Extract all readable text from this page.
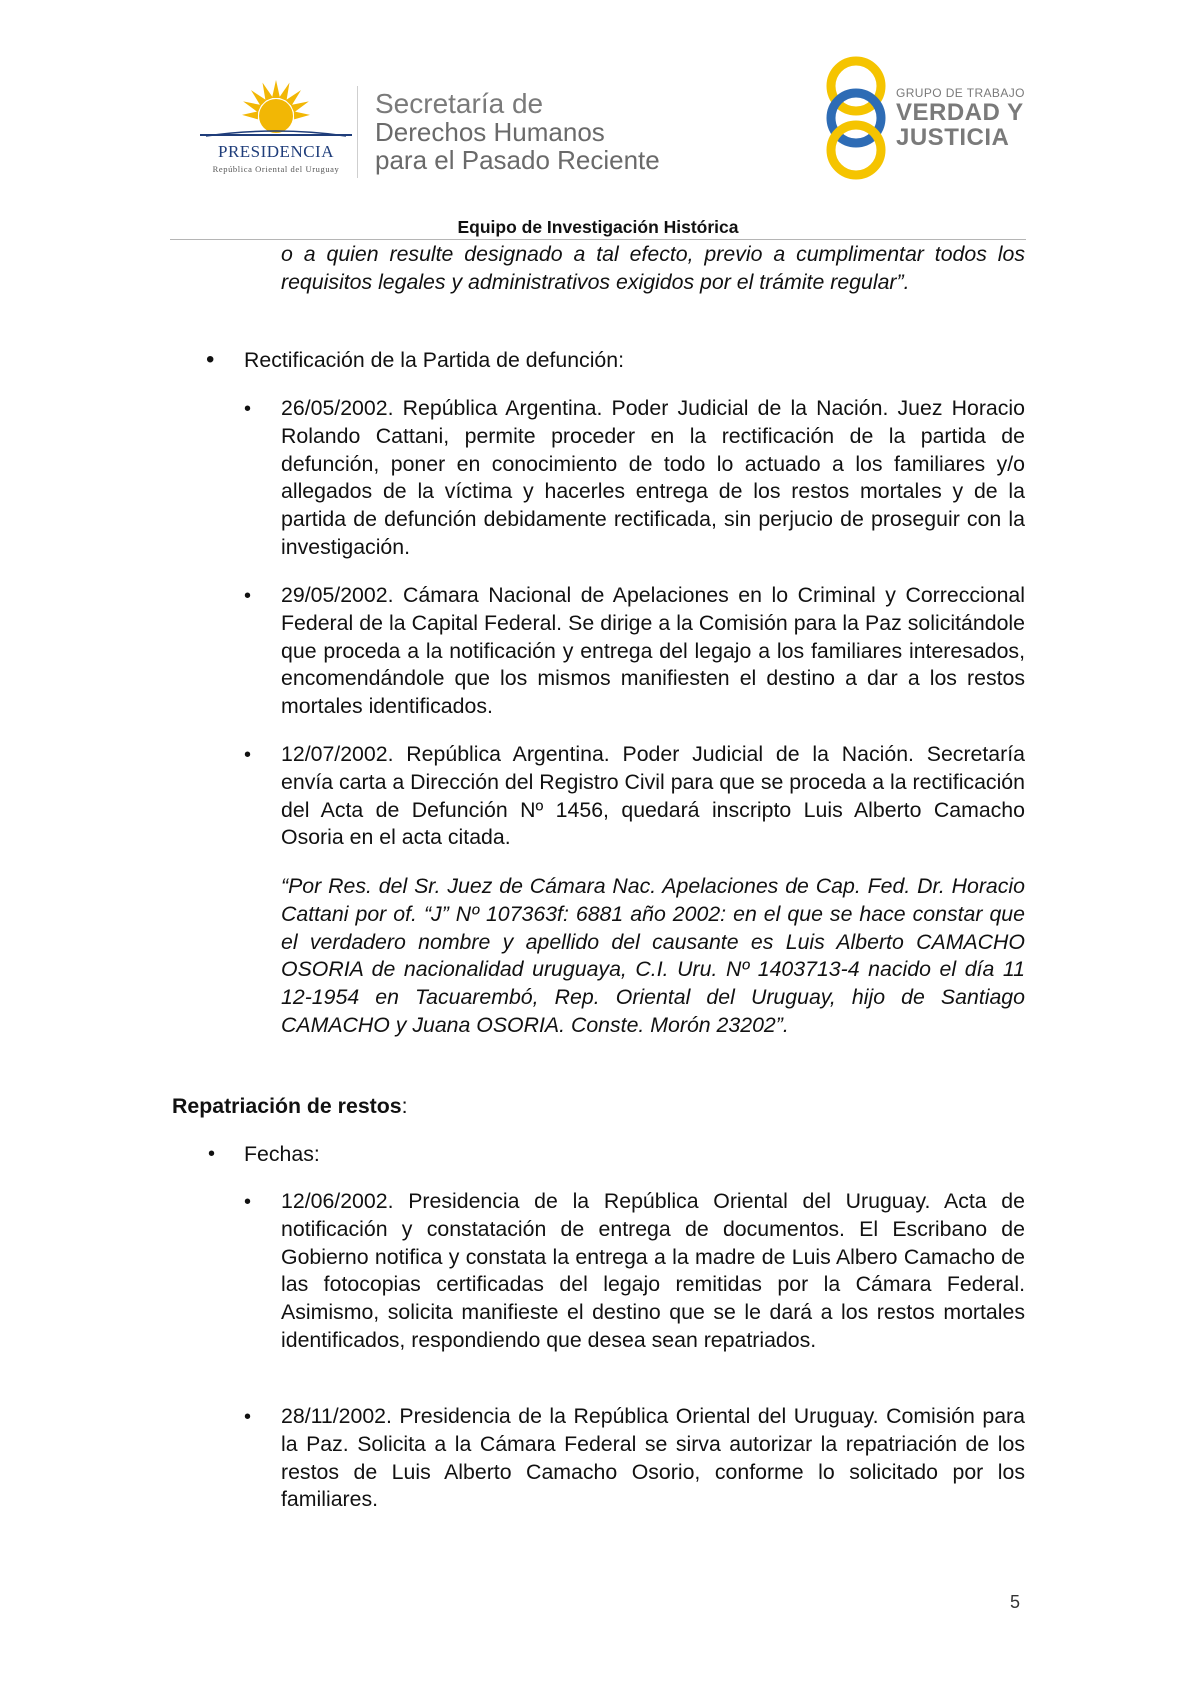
PRESIDENCIA
República Oriental del Uruguay
Secretaría de
Derechos Humanos
para el Pasado Reciente
GRUPO DE TRABAJO
VERDAD Y
JUSTICIA
Equipo de Investigación Histórica
o a quien resulte designado a tal efecto, previo a cumplimentar todos los requisitos legales y administrativos exigidos por el trámite regular”.
• Rectificación de la Partida de defunción:
• 26/05/2002. República Argentina. Poder Judicial de la Nación. Juez Horacio Rolando Cattani, permite proceder en la rectificación de la partida de defunción, poner en conocimiento de todo lo actuado a los familiares y/o allegados de la víctima y hacerles entrega de los restos mortales y de la partida de defunción debidamente rectificada, sin perjucio de proseguir con la investigación.
• 29/05/2002. Cámara Nacional de Apelaciones en lo Criminal y Correccional Federal de la Capital Federal. Se dirige a la Comisión para la Paz solicitándole que proceda a la notificación y entrega del legajo a los familiares interesados, encomendándole que los mismos manifiesten el destino a dar a los restos mortales identificados.
• 12/07/2002. República Argentina. Poder Judicial de la Nación. Secretaría envía carta a Dirección del Registro Civil para que se proceda a la rectificación del Acta de Defunción Nº 1456, quedará inscripto Luis Alberto Camacho Osoria en el acta citada.
“Por Res. del Sr. Juez de Cámara Nac. Apelaciones de Cap. Fed. Dr. Horacio Cattani por of. “J” Nº 107363f: 6881 año 2002: en el que se hace constar que el verdadero nombre y apellido del causante es Luis Alberto CAMACHO OSORIA de nacionalidad uruguaya, C.I. Uru. Nº 1403713-4 nacido el día 11 12-1954 en Tacuarembó, Rep. Oriental del Uruguay, hijo de Santiago CAMACHO y Juana OSORIA. Conste. Morón 23202”.
Repatriación de restos:
• Fechas:
• 12/06/2002. Presidencia de la República Oriental del Uruguay. Acta de notificación y constatación de entrega de documentos. El Escribano de Gobierno notifica y constata la entrega a la madre de Luis Albero Camacho de las fotocopias certificadas del legajo remitidas por la Cámara Federal. Asimismo, solicita manifieste el destino que se le dará a los restos mortales identificados, respondiendo que desea sean repatriados.
• 28/11/2002. Presidencia de la República Oriental del Uruguay. Comisión para la Paz. Solicita a la Cámara Federal se sirva autorizar la repatriación de los restos de Luis Alberto Camacho Osorio, conforme lo solicitado por los familiares.
5
